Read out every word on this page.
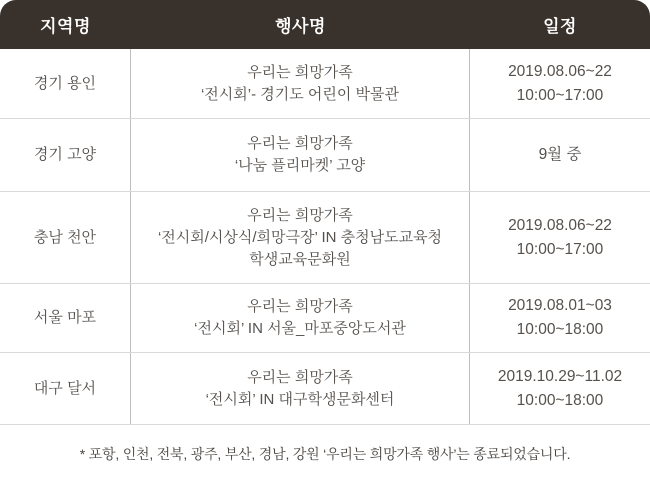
지역명	행사명	일정
경기 용인
우리는 희망가족
‘전시회’- 경기도 어린이 박물관
2019.08.06~22
10:00~17:00
경기 고양
우리는 희망가족
‘나눔 플리마켓’ 고양
9월 중
충남 천안
우리는 희망가족
‘전시회/시상식/희망극장’ IN 충청남도교육청
학생교육문화원
2019.08.06~22
10:00~17:00
서울 마포
우리는 희망가족
‘전시회’ IN 서울_마포중앙도서관
2019.08.01~03
10:00~18:00
대구 달서
우리는 희망가족
‘전시회’ IN 대구학생문화센터
2019.10.29~11.02
10:00~18:00
* 포항, 인천, 전북, 광주, 부산, 경남, 강원 ‘우리는 희망가족 행사’는 종료되었습니다.
